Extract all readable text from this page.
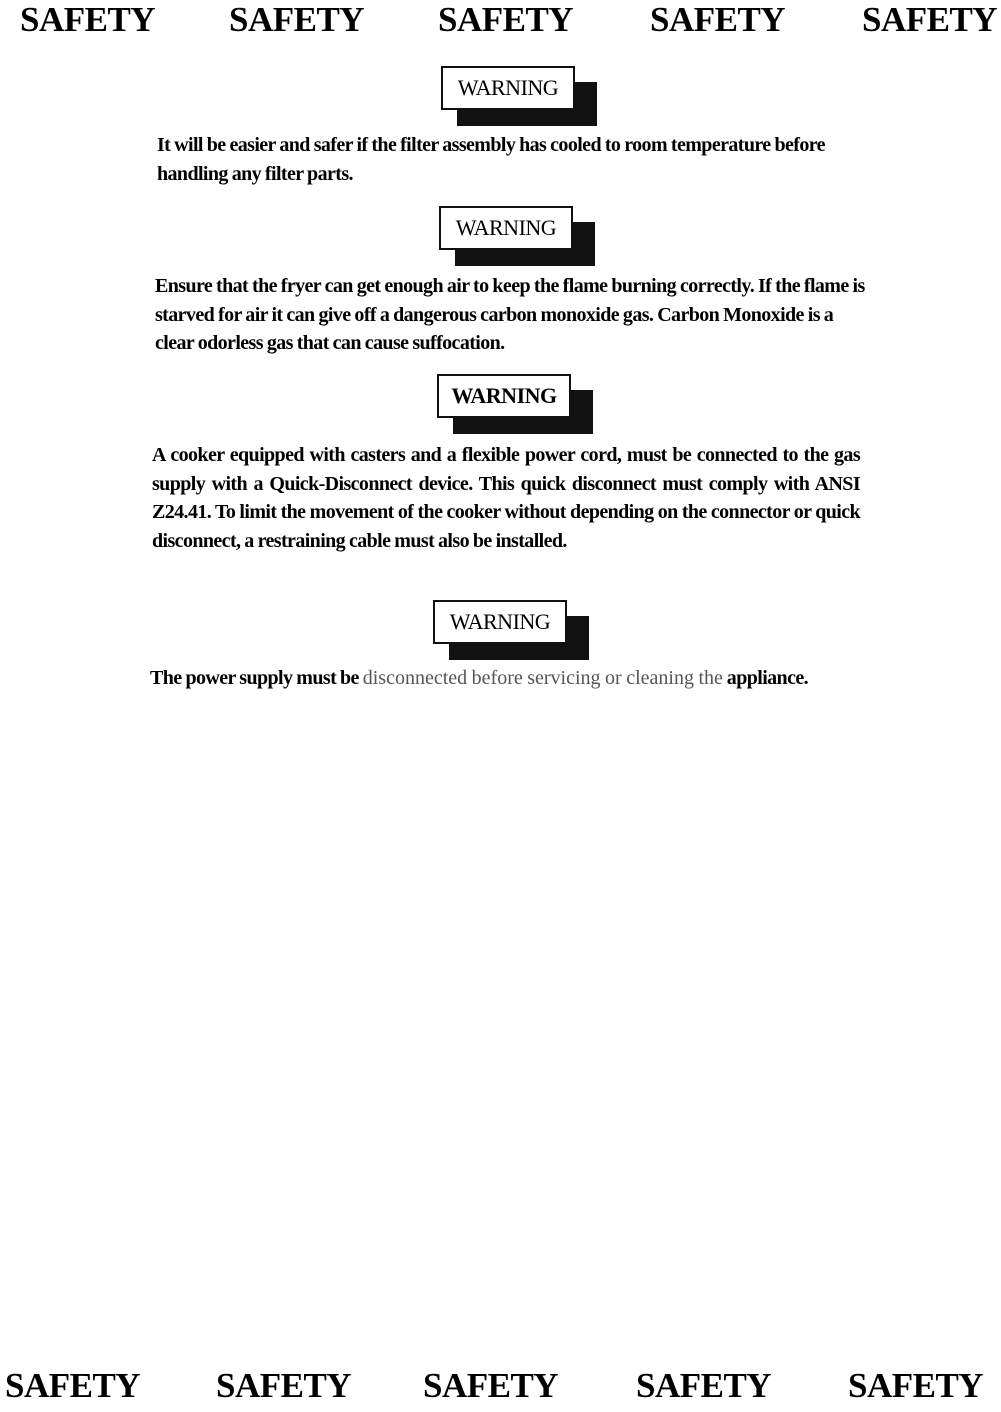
SAFETY SAFETY SAFETY SAFETY SAFETY
WARNING

It will be easier and safer if the filter assembly has cooled to room temperature before handling any filter parts.

WARNING

Ensure that the fryer can get enough air to keep the flame burning correctly. If the flame is starved for air it can give off a dangerous carbon monoxide gas. Carbon Monoxide is a clear odorless gas that can cause suffocation.

WARNING

A cooker equipped with casters and a flexible power cord, must be connected to the gas supply with a Quick-Disconnect device. This quick disconnect must comply with ANSI Z24.41. To limit the movement of the cooker without depending on the connector or quick disconnect, a restraining cable must also be installed.

WARNING

The power supply must be disconnected before servicing or cleaning the appliance.

SAFETY SAFETY SAFETY SAFETY SAFETY
